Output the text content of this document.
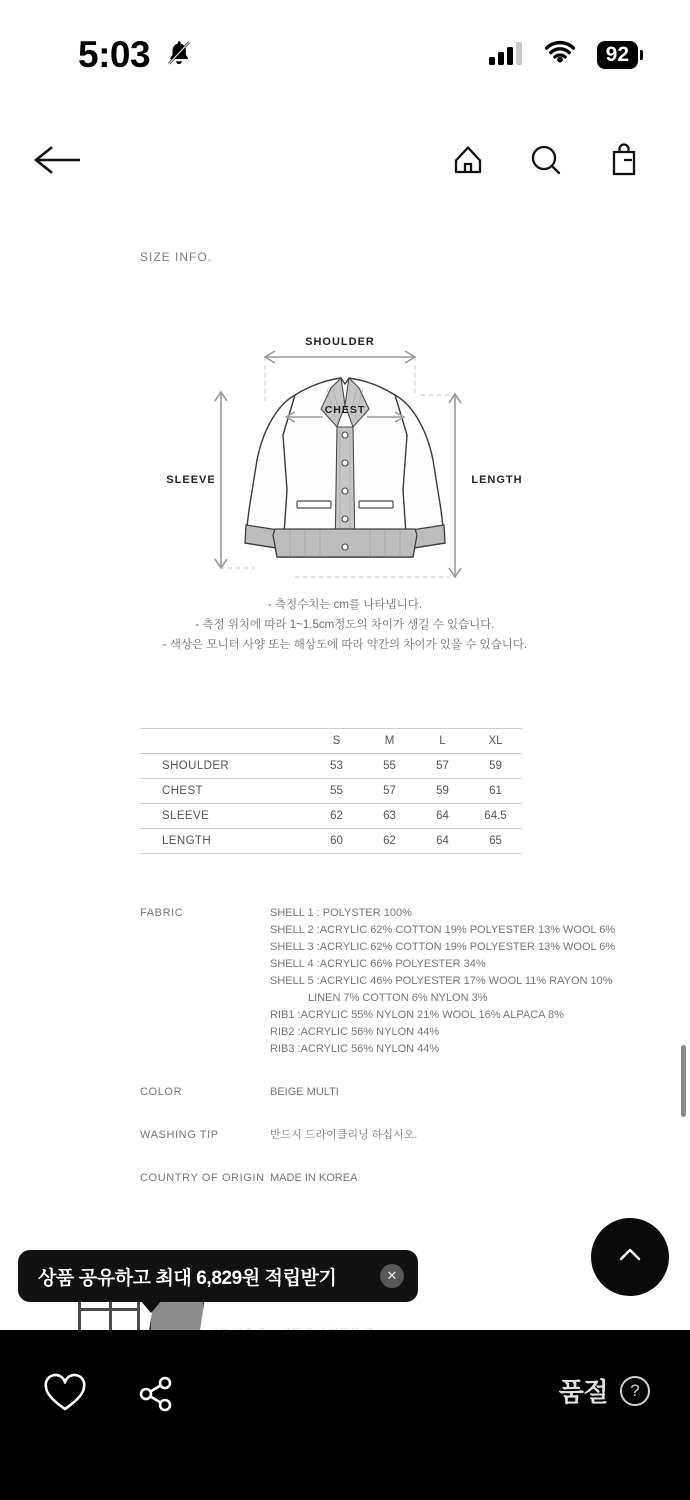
5:03	92
SIZE INFO.
SHOULDER
CHEST
SLEEVE	LENGTH
- 측정수치는 cm를 나타냅니다.
- 측정 위치에 따라 1~1.5cm정도의 차이가 생길 수 있습니다.
- 색상은 모니터 사양 또는 해상도에 따라 약간의 차이가 있을 수 있습니다.
	S	M	L	XL
SHOULDER	53	55	57	59
CHEST	55	57	59	61
SLEEVE	62	63	64	64.5
LENGTH	60	62	64	65
FABRIC	SHELL 1 : POLYSTER 100%
SHELL 2 :ACRYLIC 62% COTTON 19% POLYESTER 13% WOOL 6%
SHELL 3 :ACRYLIC 62% COTTON 19% POLYESTER 13% WOOL 6%
SHELL 4 :ACRYLIC 66% POLYESTER 34%
SHELL 5 :ACRYLIC 46% POLYESTER 17% WOOL 11% RAYON 10%
LINEN 7% COTTON 6% NYLON 3%
RIB1 :ACRYLIC 55% NYLON 21% WOOL 16% ALPACA 8%
RIB2 :ACRYLIC 56% NYLON 44%
RIB3 :ACRYLIC 56% NYLON 44%
COLOR	BEIGE MULTI
WASHING TIP	반드시 드라이클리닝 하십시오.
COUNTRY OF ORIGIN MADE IN KOREA
상품 공유하고 최대 6,829원 적립받기	✕
품절	?
